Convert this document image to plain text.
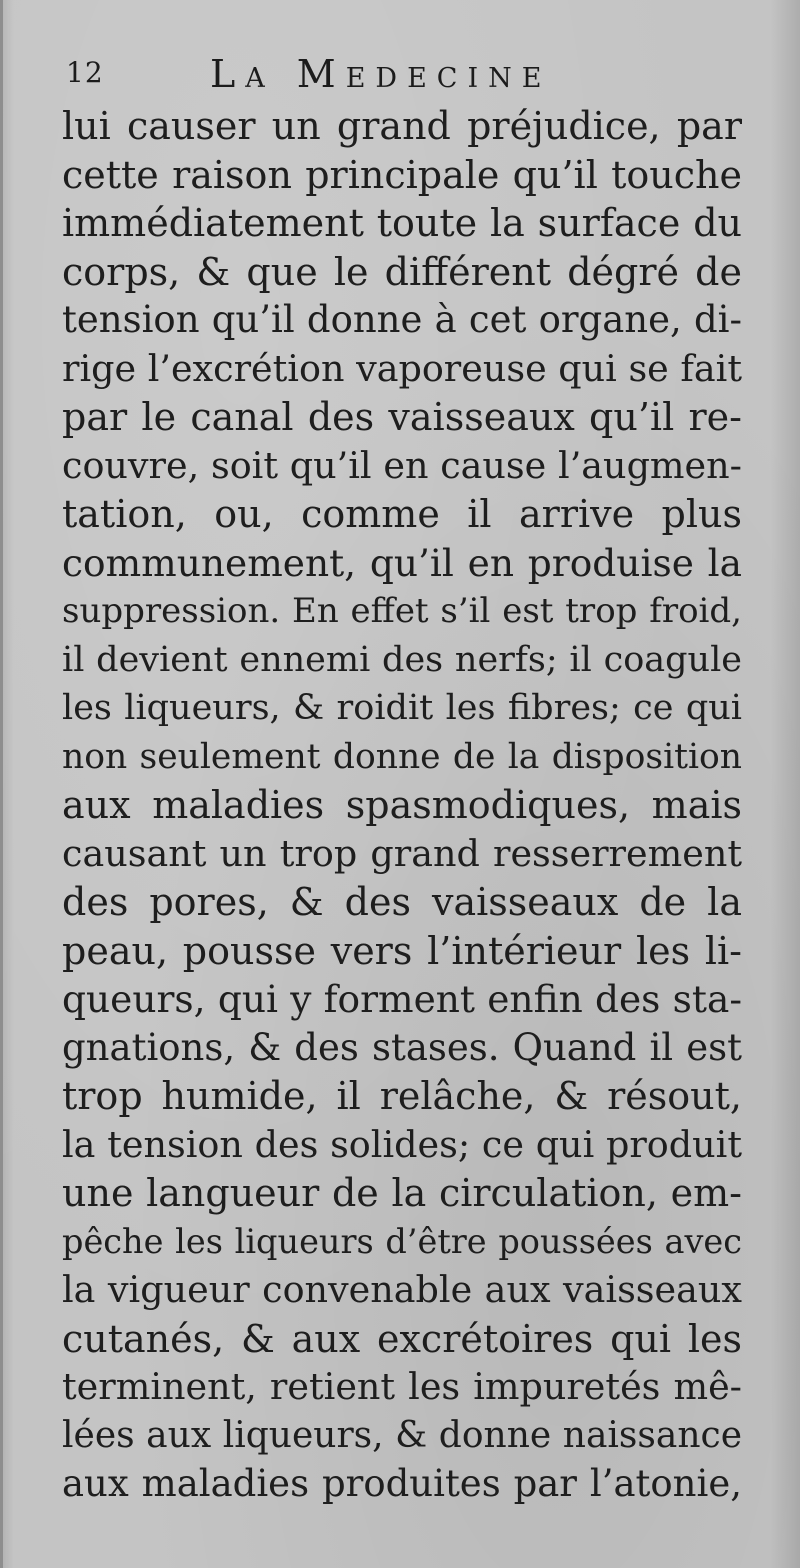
12	La Medecine
lui causer un grand préjudice, par
cette raison principale qu’il touche
immédiatement toute la surface du
corps, & que le différent dégré de
tension qu’il donne à cet organe, di-
rige l’excrétion vaporeuse qui se fait
par le canal des vaisseaux qu’il re-
couvre, soit qu’il en cause l’augmen-
tation, ou, comme il arrive plus
communement, qu’il en produise la
suppression. En effet s’il est trop froid,
il devient ennemi des nerfs; il coagule
les liqueurs, & roidit les fibres; ce qui
non seulement donne de la disposition
aux maladies spasmodiques, mais
causant un trop grand resserrement
des pores, & des vaisseaux de la
peau, pousse vers l’intérieur les li-
queurs, qui y forment enfin des sta-
gnations, & des stases. Quand il est
trop humide, il relâche, & résout,
la tension des solides; ce qui produit
une langueur de la circulation, em-
pêche les liqueurs d’être poussées avec
la vigueur convenable aux vaisseaux
cutanés, & aux excrétoires qui les
terminent, retient les impuretés mê-
lées aux liqueurs, & donne naissance
aux maladies produites par l’atonie,
